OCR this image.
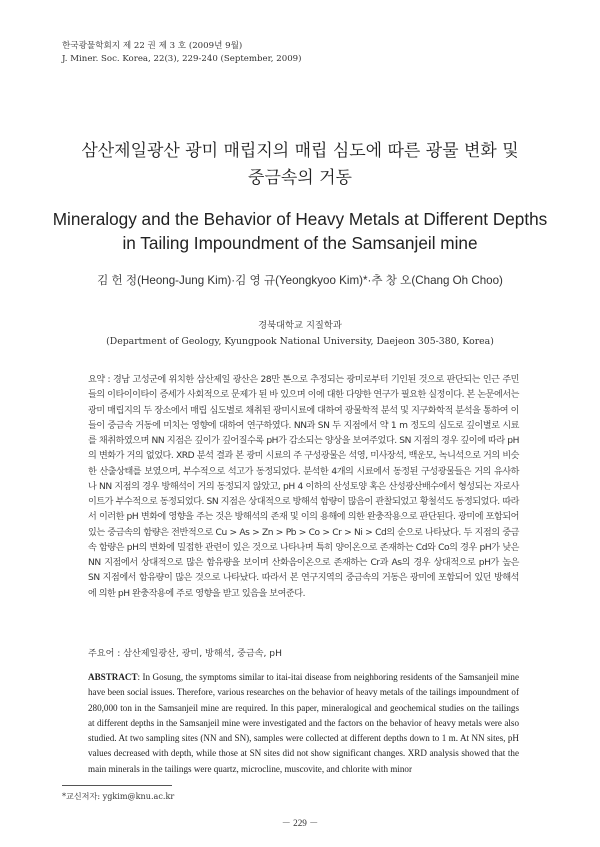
한국광물학회지 제 22 권 제 3 호 (2009년 9월)
J. Miner. Soc. Korea, 22(3), 229-240 (September, 2009)
삼산제일광산 광미 매립지의 매립 심도에 따른 광물 변화 및
중금속의 거동
Mineralogy and the Behavior of Heavy Metals at Different Depths
in Tailing Impoundment of the Samsanjeil mine
김 헌 정(Heong-Jung Kim)·김 영 규(Yeongkyoo Kim)*·추 창 오(Chang Oh Choo)
경북대학교 지질학과
(Department of Geology, Kyungpook National University, Daejeon 305-380, Korea)

요약 : 경남 고성군에 위치한 삼산제일 광산은 28만 톤으로 추정되는 광미로부터 기인된 것으로 판단되는 인근 주민들의 이타이이타이 증세가 사회적으로 문제가 된 바 있으며 이에 대한 다양한 연구가 필요한 실정이다. 본 논문에서는 광미 매립지의 두 장소에서 매립 심도별로 채취된 광미시료에 대하여 광물학적 분석 및 지구화학적 분석을 통하여 이들이 중금속 거동에 미치는 영향에 대하여 연구하였다. NN과 SN 두 지점에서 약 1 m 정도의 심도로 깊이별로 시료를 채취하였으며 NN 지점은 깊이가 깊어질수록 pH가 감소되는 양상을 보여주었다. SN 지점의 경우 깊이에 따라 pH의 변화가 거의 없었다. XRD 분석 결과 본 광미 시료의 주 구성광물은 석영, 미사장석, 백운모, 녹니석으로 거의 비슷한 산출상태를 보였으며, 부수적으로 석고가 동정되었다. 분석한 4개의 시료에서 동정된 구성광물들은 거의 유사하나 NN 지점의 경우 방해석이 거의 동정되지 않았고, pH 4 이하의 산성토양 혹은 산성광산배수에서 형성되는 자로사이트가 부수적으로 동정되었다. SN 지점은 상대적으로 방해석 함량이 많음이 관찰되었고 황철석도 동정되었다. 따라서 이러한 pH 변화에 영향을 주는 것은 방해석의 존재 및 이의 용해에 의한 완충작용으로 판단된다. 광미에 포함되어 있는 중금속의 함량은 전반적으로 Cu > As > Zn > Pb > Co > Cr > Ni > Cd의 순으로 나타났다. 두 지점의 중금속 함량은 pH의 변화에 밀접한 관련이 있은 것으로 나타나며 특히 양이온으로 존재하는 Cd와 Co의 경우 pH가 낮은 NN 지점에서 상대적으로 많은 함유량을 보이며 산화음이온으로 존재하는 Cr과 As의 경우 상대적으로 pH가 높은 SN 지점에서 함유량이 많은 것으로 나타났다. 따라서 본 연구지역의 중금속의 거동은 광미에 포함되어 있던 방해석에 의한 pH 완충작용에 주로 영향을 받고 있음을 보여준다.

주요어 : 삼산제일광산, 광미, 방해석, 중금속, pH

ABSTRACT: In Gosung, the symptoms similar to itai-itai disease from neighboring residents of the Samsanjeil mine have been social issues. Therefore, various researches on the behavior of heavy metals of the tailings impoundment of 280,000 ton in the Samsanjeil mine are required. In this paper, mineralogical and geochemical studies on the tailings at different depths in the Samsanjeil mine were investigated and the factors on the behavior of heavy metals were also studied. At two sampling sites (NN and SN), samples were collected at different depths down to 1 m. At NN sites, pH values decreased with depth, while those at SN sites did not show significant changes. XRD analysis showed that the main minerals in the tailings were quartz, microcline, muscovite, and chlorite with minor

*교신저자: ygkim@knu.ac.kr
－ 229 －
